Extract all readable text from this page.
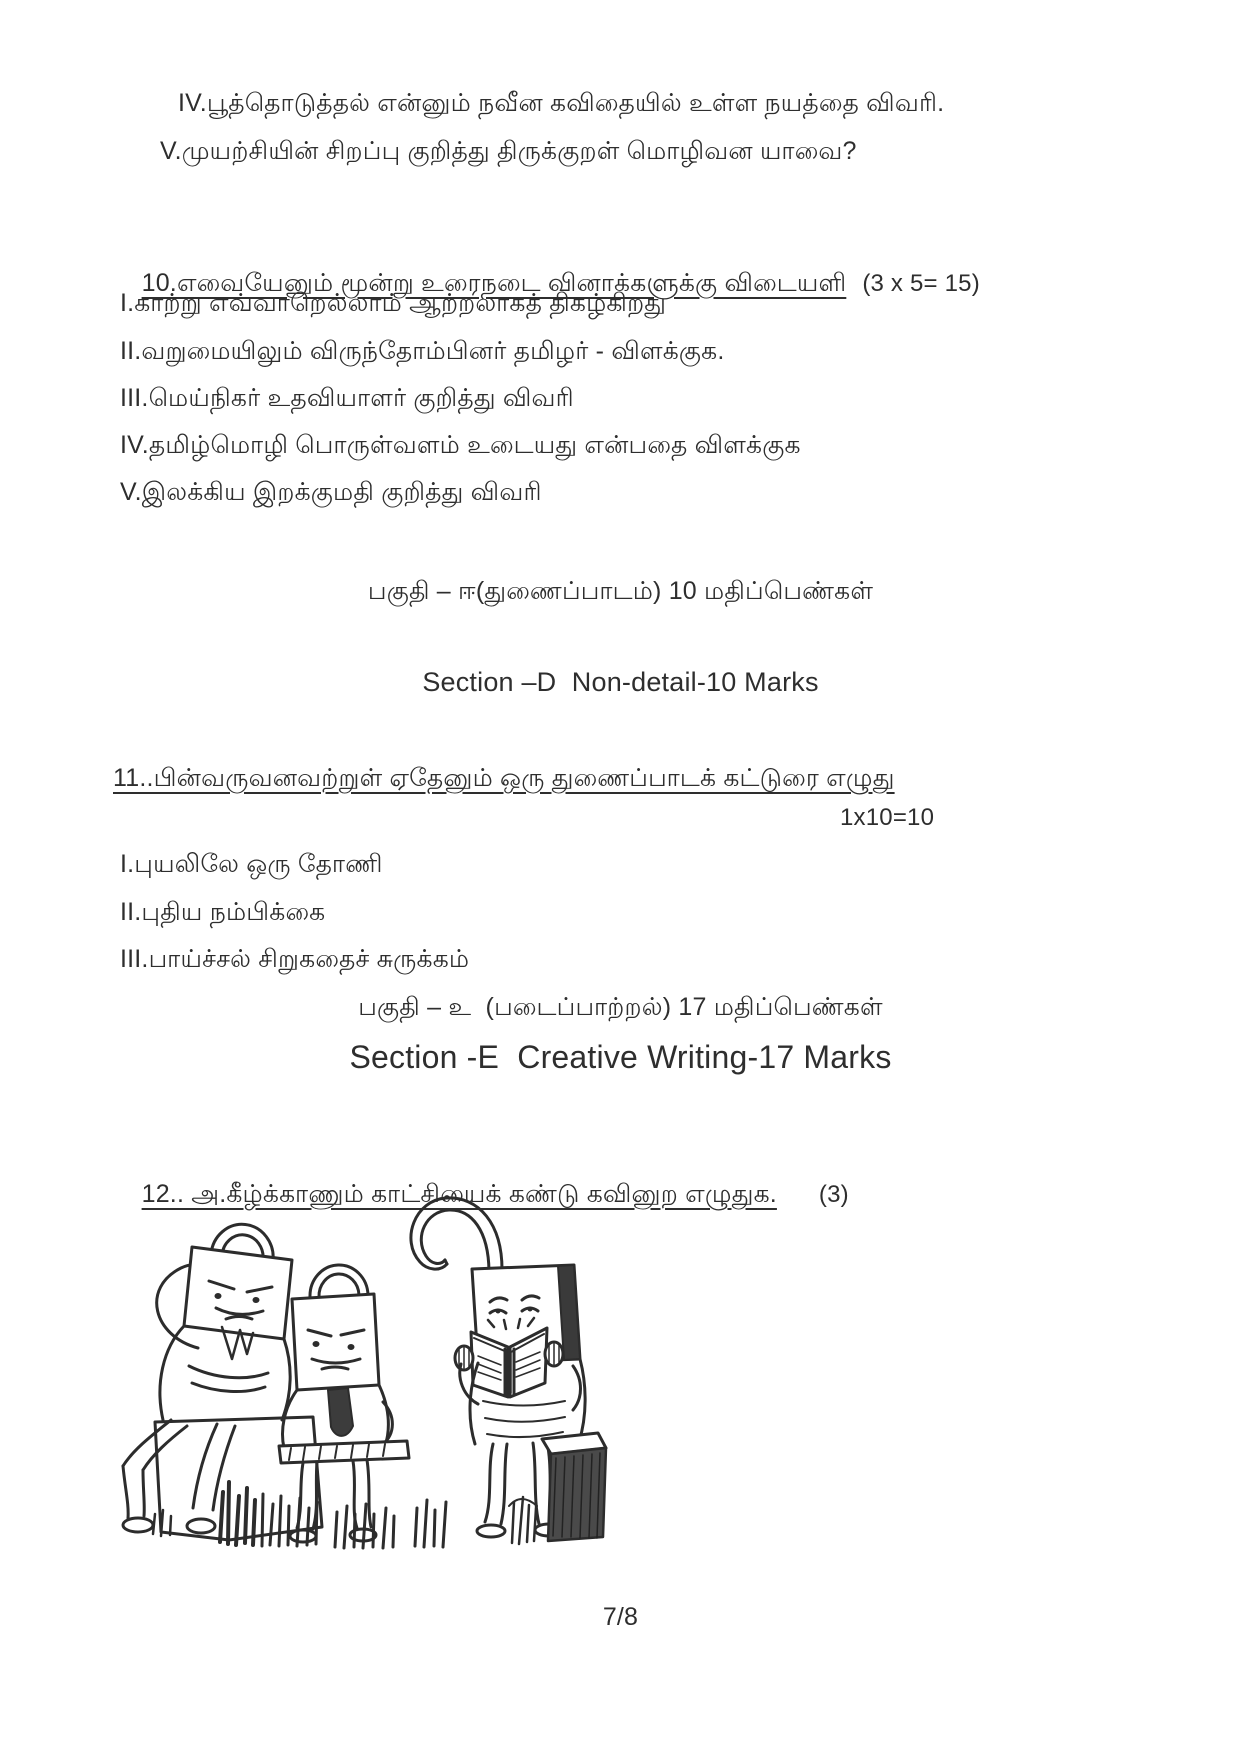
IV.பூத்தொடுத்தல் என்னும் நவீன கவிதையில் உள்ள நயத்தை விவரி.
V.முயற்சியின் சிறப்பு குறித்து திருக்குறள் மொழிவன யாவை?

10.எவையேனும் மூன்று உரைநடை வினாக்களுக்கு விடையளி (3 x 5= 15)

I.காற்று எவ்வாறெல்லாம் ஆற்றலாகத் திகழ்கிறது
II.வறுமையிலும் விருந்தோம்பினர் தமிழர் - விளக்குக.
III.மெய்நிகர் உதவியாளர் குறித்து விவரி
IV.தமிழ்மொழி பொருள்வளம் உடையது என்பதை விளக்குக
V.இலக்கிய இறக்குமதி குறித்து விவரி
பகுதி – ஈ(துணைப்பாடம்) 10 மதிப்பெண்கள்
Section –D  Non-detail-10 Marks
11..பின்வருவனவற்றுள் ஏதேனும் ஒரு துணைப்பாடக் கட்டுரை எழுது
1x10=10
I.புயலிலே ஒரு தோணி
II.புதிய நம்பிக்கை
III.பாய்ச்சல் சிறுகதைச் சுருக்கம்
பகுதி – உ  (படைப்பாற்றல்) 17 மதிப்பெண்கள்
Section -E  Creative Writing-17 Marks

12.. அ.கீழ்க்காணும் காட்சியைக் கண்டு கவினுற எழுதுக. (3)

7/8
